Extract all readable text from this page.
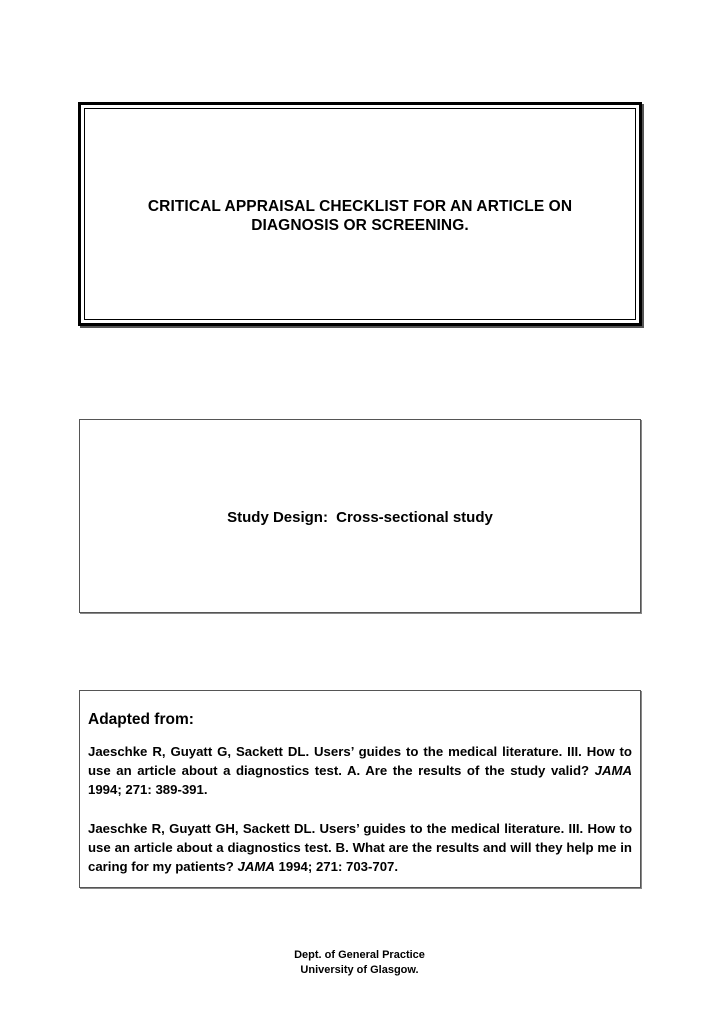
CRITICAL APPRAISAL CHECKLIST FOR AN ARTICLE ON
DIAGNOSIS OR SCREENING.
Study Design: Cross-sectional study
Adapted from:
Jaeschke R, Guyatt G, Sackett DL. Users’ guides to the medical literature. III. How to use an article about a diagnostics test. A. Are the results of the study valid? JAMA 1994; 271: 389-391.
Jaeschke R, Guyatt GH, Sackett DL. Users’ guides to the medical literature. III. How to use an article about a diagnostics test. B. What are the results and will they help me in caring for my patients? JAMA 1994; 271: 703-707.
Dept. of General Practice
University of Glasgow.
